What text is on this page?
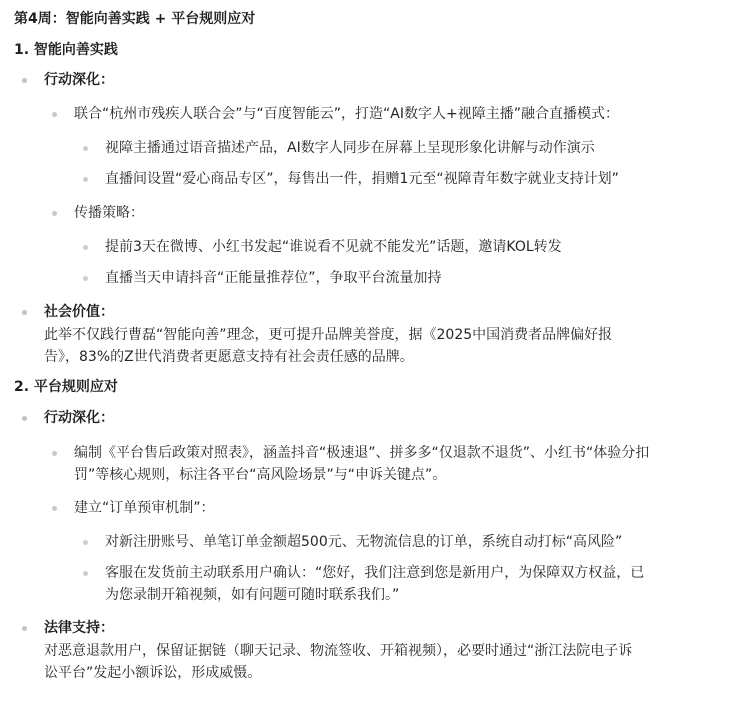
第4周：智能向善实践 + 平台规则应对
1. 智能向善实践
行动深化：
联合“杭州市残疾人联合会”与“百度智能云”，打造“AI数字人+视障主播”融合直播模式：
视障主播通过语音描述产品，AI数字人同步在屏幕上呈现形象化讲解与动作演示
直播间设置“爱心商品专区”，每售出一件，捐赠1元至“视障青年数字就业支持计划”
传播策略：
提前3天在微博、小红书发起“谁说看不见就不能发光”话题，邀请KOL转发
直播当天申请抖音“正能量推荐位”，争取平台流量加持
社会价值：
此举不仅践行曹磊“智能向善”理念，更可提升品牌美誉度，据《2025中国消费者品牌偏好报
告》，83%的Z世代消费者更愿意支持有社会责任感的品牌。
2. 平台规则应对
行动深化：
编制《平台售后政策对照表》，涵盖抖音“极速退”、拼多多“仅退款不退货”、小红书“体验分扣
罚”等核心规则，标注各平台“高风险场景”与“申诉关键点”。
建立“订单预审机制”：
对新注册账号、单笔订单金额超500元、无物流信息的订单，系统自动打标“高风险”
客服在发货前主动联系用户确认：“您好，我们注意到您是新用户，为保障双方权益，已
为您录制开箱视频，如有问题可随时联系我们。”
法律支持：
对恶意退款用户，保留证据链（聊天记录、物流签收、开箱视频），必要时通过“浙江法院电子诉
讼平台”发起小额诉讼，形成威慑。
